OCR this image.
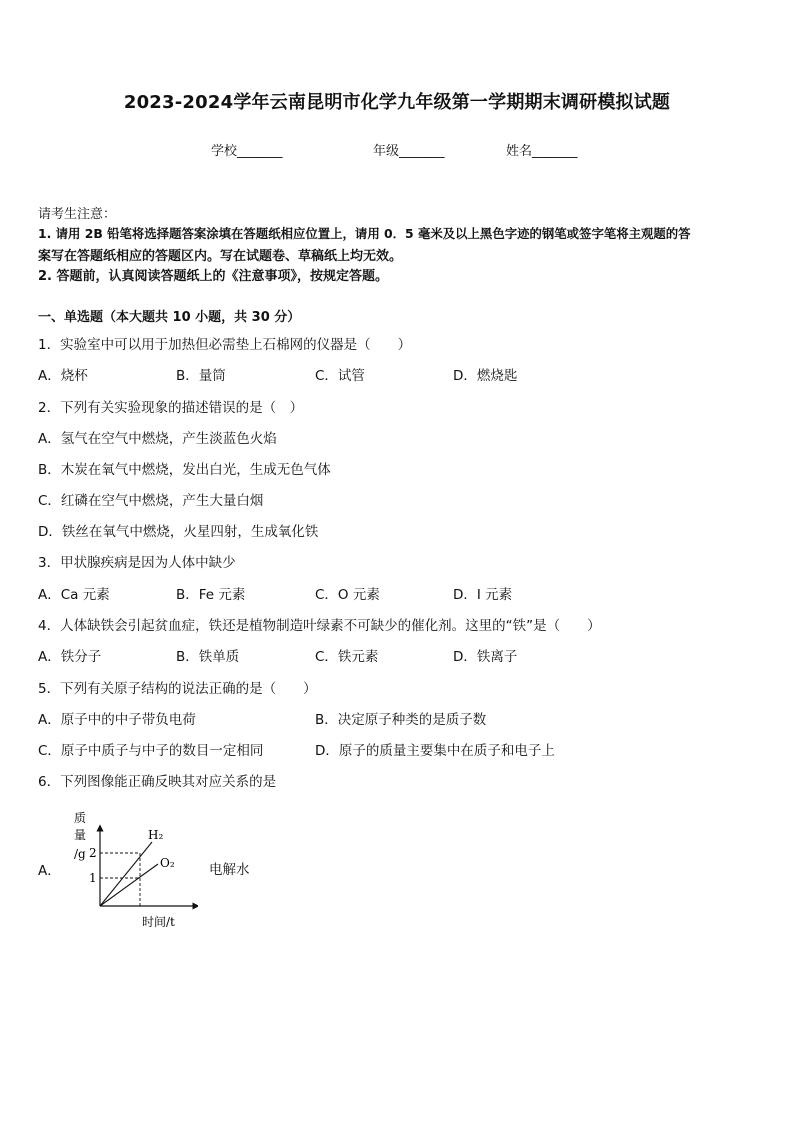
2023-2024学年云南昆明市化学九年级第一学期期末调研模拟试题
学校_______	年级_______	姓名_______
请考生注意：
1. 请用 2B 铅笔将选择题答案涂填在答题纸相应位置上，请用 0．5 毫米及以上黑色字迹的钢笔或签字笔将主观题的答
案写在答题纸相应的答题区内。写在试题卷、草稿纸上均无效。
2. 答题前，认真阅读答题纸上的《注意事项》，按规定答题。
一、单选题（本大题共 10 小题，共 30 分）
1．实验室中可以用于加热但必需垫上石棉网的仪器是（　　）
A．烧杯	B．量筒	C．试管	D．燃烧匙
2．下列有关实验现象的描述错误的是（　）
A．氢气在空气中燃烧，产生淡蓝色火焰
B．木炭在氧气中燃烧，发出白光，生成无色气体
C．红磷在空气中燃烧，产生大量白烟
D．铁丝在氧气中燃烧，火星四射，生成氧化铁
3．甲状腺疾病是因为人体中缺少
A．Ca 元素	B．Fe 元素	C．O 元素	D．I 元素
4．人体缺铁会引起贫血症，铁还是植物制造叶绿素不可缺少的催化剂。这里的“铁”是（　　）
A．铁分子	B．铁单质	C．铁元素	D．铁离子
5．下列有关原子结构的说法正确的是（　　）
A．原子中的中子带负电荷	B．决定原子种类的是质子数
C．原子中质子与中子的数目一定相同	D．原子的质量主要集中在质子和电子上
6．下列图像能正确反映其对应关系的是
A．
质
量
/g 2
1
H₂
O₂
时间/t
电解水
